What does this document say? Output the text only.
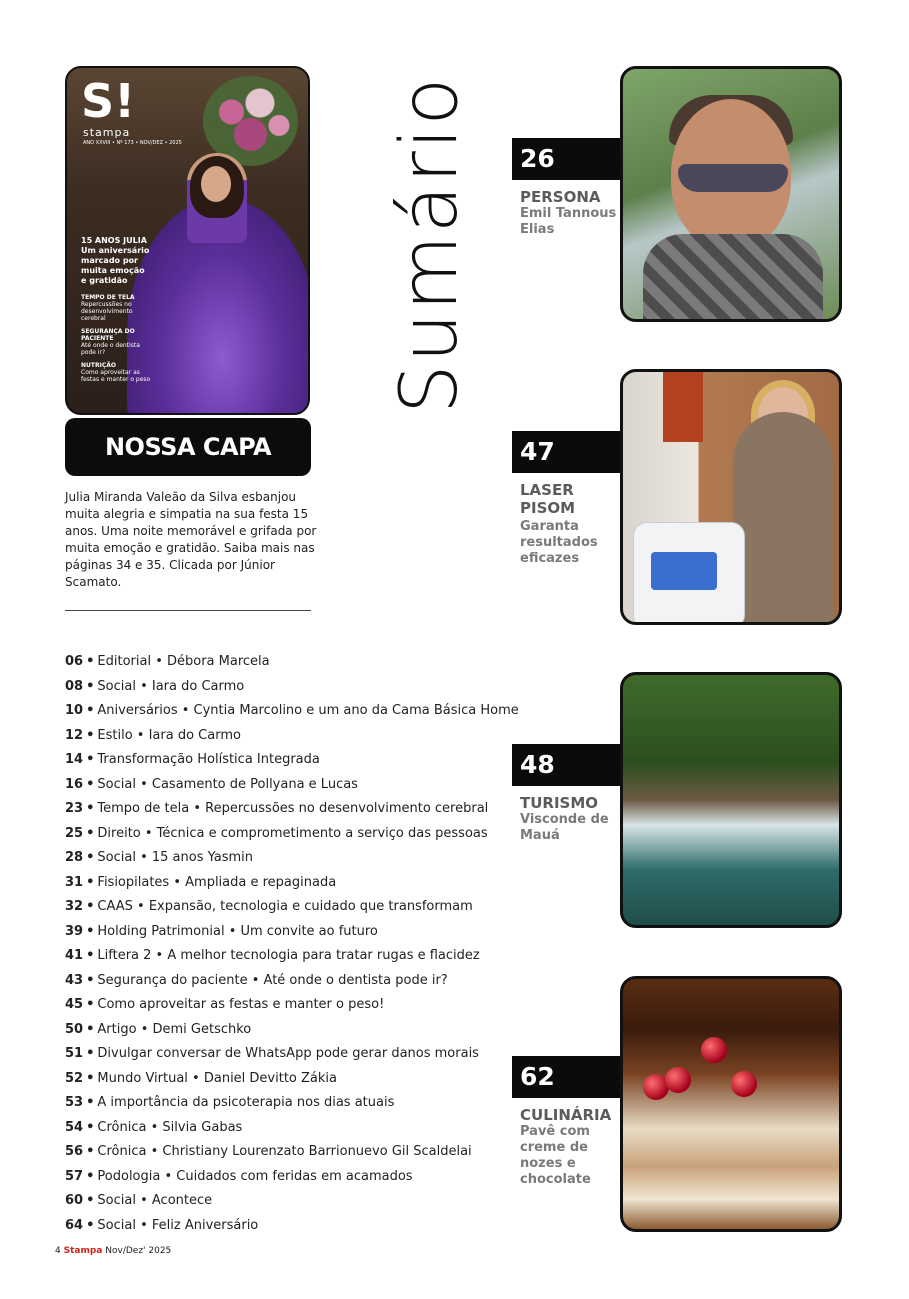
S!
stampa
ANO XXVIII • Nº 173 • NOV/DEZ • 2025
15 ANOS JULIA Um aniversário marcado por muita emoção e gratidão
TEMPO DE TELA
Repercussões no desenvolvimento cerebral
SEGURANÇA DO PACIENTE
Até onde o dentista pode ir?
NUTRIÇÃO
Como aproveitar as festas e manter o peso
NOSSA CAPA
Julia Miranda Valeão da Silva esbanjou muita alegria e simpatia na sua festa 15 anos. Uma noite memorável e grifada por muita emoção e gratidão. Saiba mais nas páginas 34 e 35. Clicada por Júnior Scamato.
Sumário
06 • Editorial • Débora Marcela
08 • Social • Iara do Carmo
10 • Aniversários • Cyntia Marcolino e um ano da Cama Básica Home
12 • Estilo • Iara do Carmo
14 • Transformação Holística Integrada
16 • Social • Casamento de Pollyana e Lucas
23 • Tempo de tela • Repercussões no desenvolvimento cerebral
25 • Direito • Técnica e comprometimento a serviço das pessoas
28 • Social • 15 anos Yasmin
31 • Fisiopilates • Ampliada e repaginada
32 • CAAS • Expansão, tecnologia e cuidado que transformam
39 • Holding Patrimonial • Um convite ao futuro
41 • Liftera 2 • A melhor tecnologia para tratar rugas e flacidez
43 • Segurança do paciente • Até onde o dentista pode ir?
45 • Como aproveitar as festas e manter o peso!
50 • Artigo • Demi Getschko
51 • Divulgar conversar de WhatsApp pode gerar danos morais
52 • Mundo Virtual • Daniel Devitto Zákia
53 • A importância da psicoterapia nos dias atuais
54 • Crônica • Silvia Gabas
56 • Crônica • Christiany Lourenzato Barrionuevo Gil Scaldelai
57 • Podologia • Cuidados com feridas em acamados
60 • Social • Acontece
64 • Social • Feliz Aniversário
26
PERSONA
Emil Tannous Elias
47
LASER PISOM
Garanta resultados eficazes
48
TURISMO
Visconde de Mauá
62
CULINÁRIA
Pavê com creme de nozes e chocolate
4 Stampa Nov/Dez' 2025
